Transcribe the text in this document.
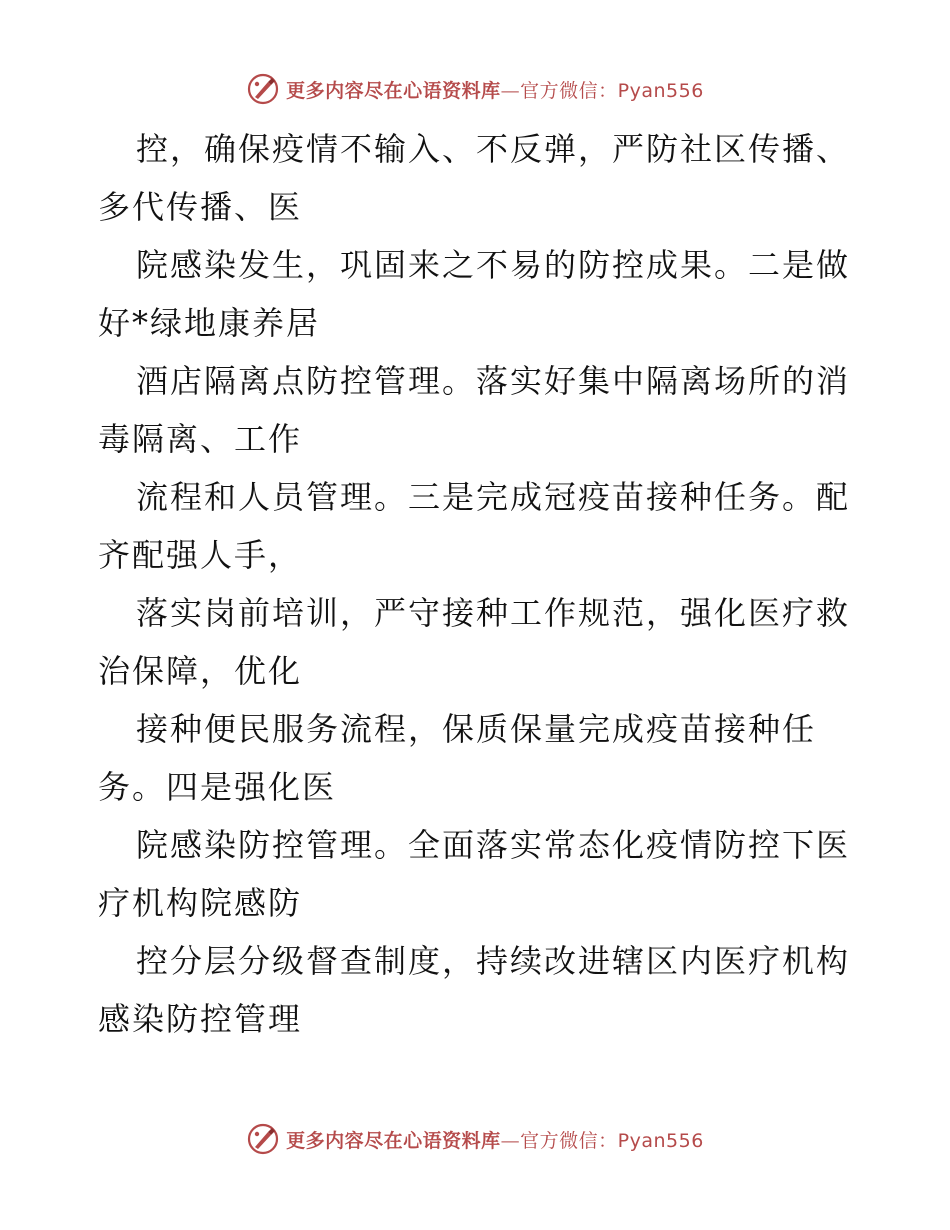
更多内容尽在心语资料库—官方微信：Pyan556

控，确保疫情不输入、不反弹，严防社区传播、多代传播、医

院感染发生，巩固来之不易的防控成果。二是做好*绿地康养居

酒店隔离点防控管理。落实好集中隔离场所的消毒隔离、工作

流程和人员管理。三是完成冠疫苗接种任务。配齐配强人手，

落实岗前培训，严守接种工作规范，强化医疗救治保障，优化

接种便民服务流程，保质保量完成疫苗接种任务。四是强化医

院感染防控管理。全面落实常态化疫情防控下医疗机构院感防

控分层分级督查制度，持续改进辖区内医疗机构感染防控管理

更多内容尽在心语资料库—官方微信：Pyan556
